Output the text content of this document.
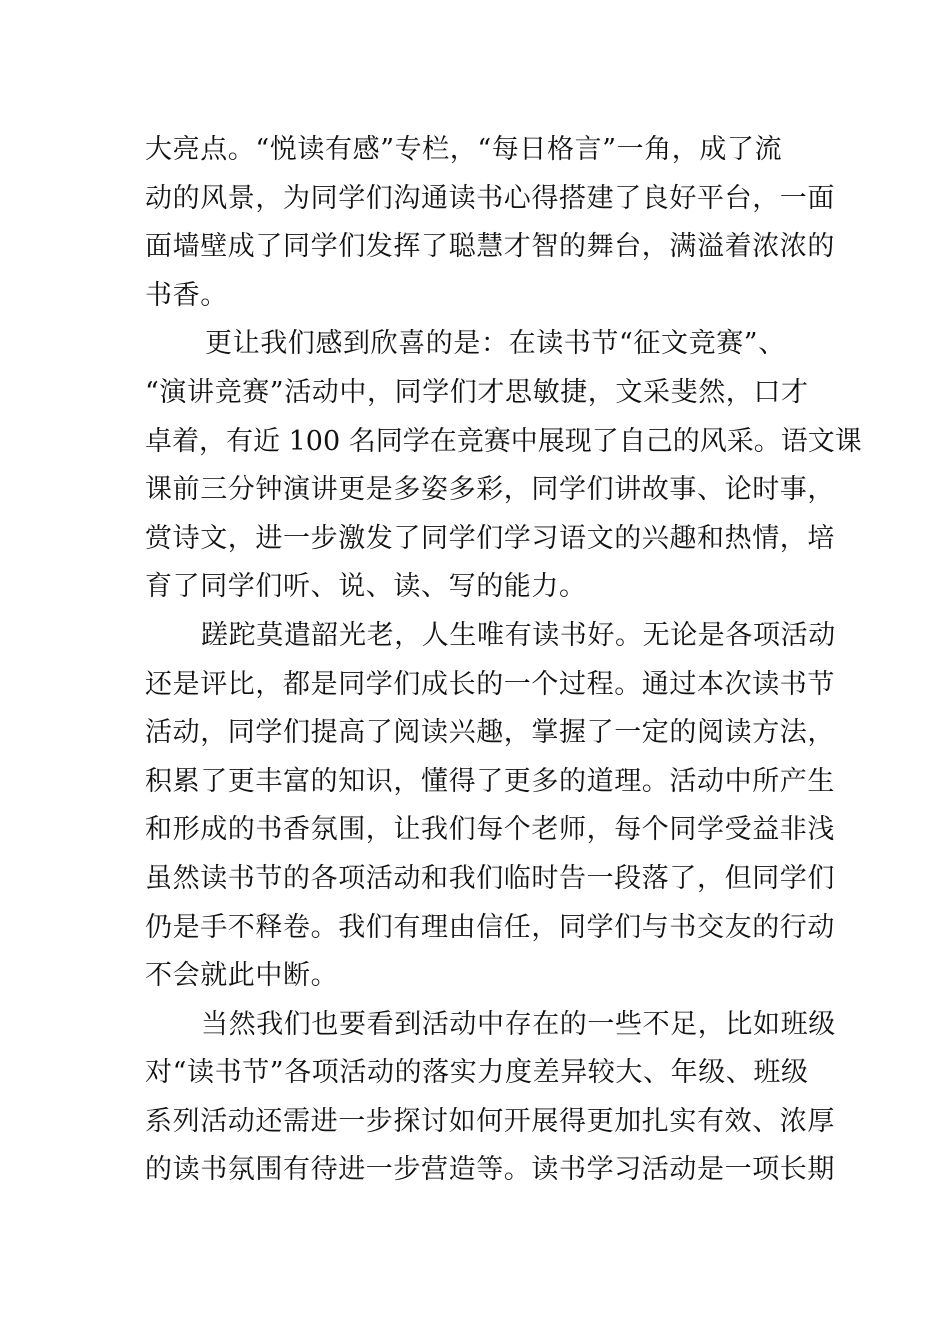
大亮点。“悦读有感”专栏，“每日格言”一角，成了流
动的风景，为同学们沟通读书心得搭建了良好平台，一面
面墙壁成了同学们发挥了聪慧才智的舞台，满溢着浓浓的
书香。
更让我们感到欣喜的是：在读书节“征文竞赛”、
“演讲竞赛”活动中，同学们才思敏捷，文采斐然，口才
卓着，有近 100 名同学在竞赛中展现了自己的风采。语文课
课前三分钟演讲更是多姿多彩，同学们讲故事、论时事，
赏诗文，进一步激发了同学们学习语文的兴趣和热情，培
育了同学们听、说、读、写的能力。
蹉跎莫遣韶光老，人生唯有读书好。无论是各项活动
还是评比，都是同学们成长的一个过程。通过本次读书节
活动，同学们提高了阅读兴趣，掌握了一定的阅读方法，
积累了更丰富的知识，懂得了更多的道理。活动中所产生
和形成的书香氛围，让我们每个老师，每个同学受益非浅
虽然读书节的各项活动和我们临时告一段落了，但同学们
仍是手不释卷。我们有理由信任，同学们与书交友的行动
不会就此中断。
当然我们也要看到活动中存在的一些不足，比如班级
对“读书节”各项活动的落实力度差异较大、年级、班级
系列活动还需进一步探讨如何开展得更加扎实有效、浓厚
的读书氛围有待进一步营造等。读书学习活动是一项长期
